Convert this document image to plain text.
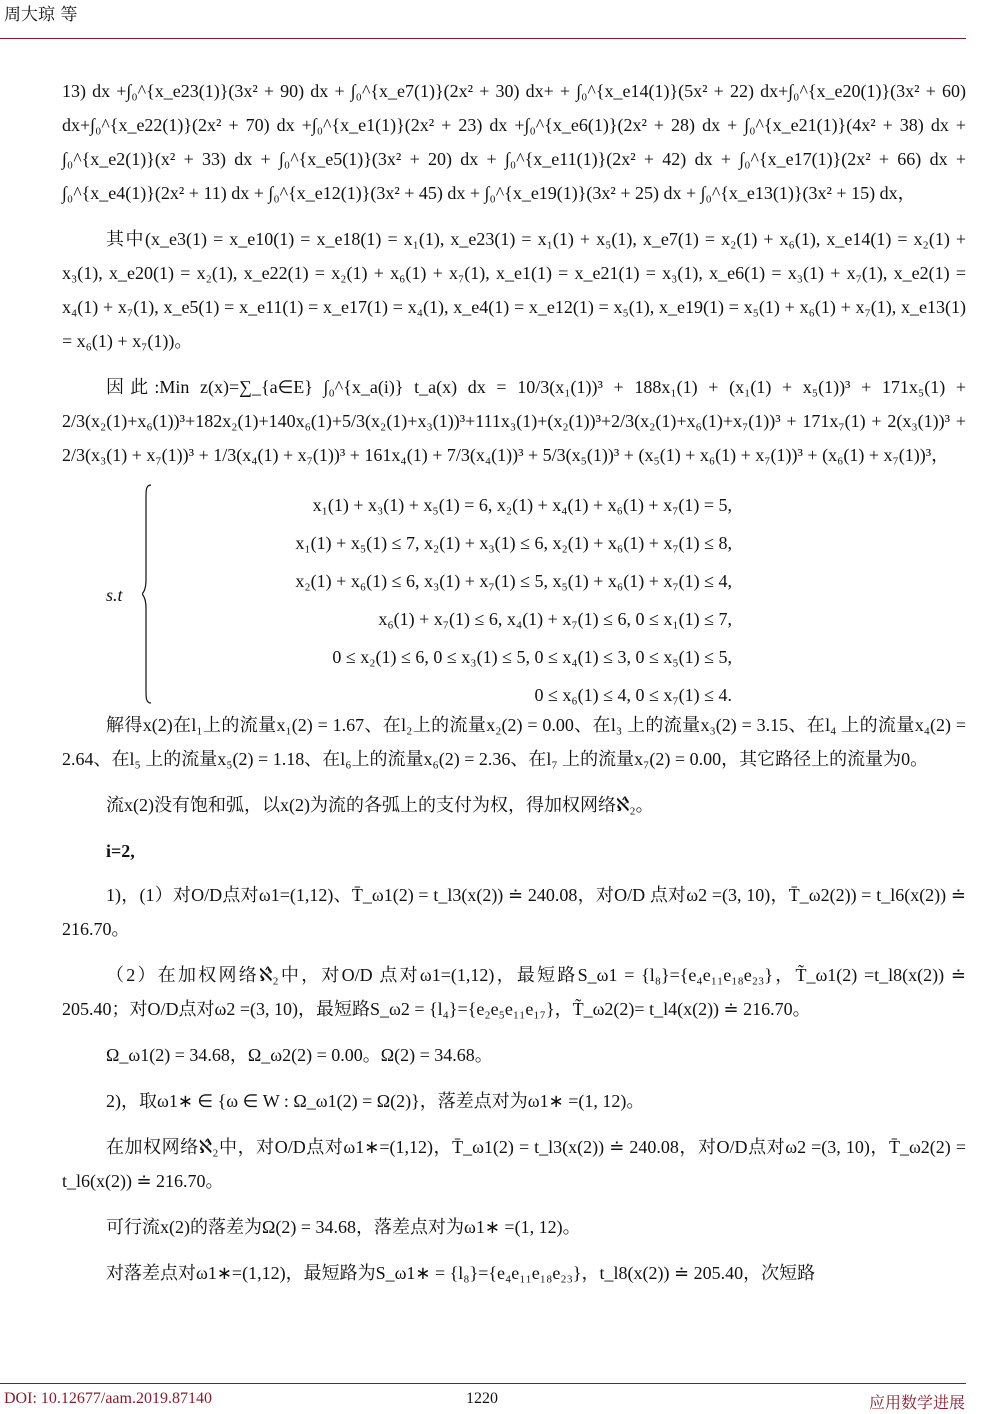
周大琼 等

13) dx +∫₀^{x_e23(1)}(3x² + 90) dx + ∫₀^{x_e7(1)}(2x² + 30) dx+ + ∫₀^{x_e14(1)}(5x² + 22) dx+∫₀^{x_e20(1)}(3x² + 60) dx+∫₀^{x_e22(1)}(2x² + 70) dx +∫₀^{x_e1(1)}(2x² + 23) dx +∫₀^{x_e6(1)}(2x² + 28) dx + ∫₀^{x_e21(1)}(4x² + 38) dx + ∫₀^{x_e2(1)}(x² + 33) dx + ∫₀^{x_e5(1)}(3x² + 20) dx + ∫₀^{x_e11(1)}(2x² + 42) dx + ∫₀^{x_e17(1)}(2x² + 66) dx + ∫₀^{x_e4(1)}(2x² + 11) dx + ∫₀^{x_e12(1)}(3x² + 45) dx + ∫₀^{x_e19(1)}(3x² + 25) dx + ∫₀^{x_e13(1)}(3x² + 15) dx，

其中(x_e3(1) = x_e10(1) = x_e18(1) = x₁(1), x_e23(1) = x₁(1) + x₅(1), x_e7(1) = x₂(1) + x₆(1), x_e14(1) = x₂(1) + x₃(1), x_e20(1) = x₂(1), x_e22(1) = x₂(1) + x₆(1) + x₇(1), x_e1(1) = x_e21(1) = x₃(1), x_e6(1) = x₃(1) + x₇(1), x_e2(1) = x₄(1) + x₇(1), x_e5(1) = x_e11(1) = x_e17(1) = x₄(1), x_e4(1) = x_e12(1) = x₅(1), x_e19(1) = x₅(1) + x₆(1) + x₇(1), x_e13(1) = x₆(1) + x₇(1))。

因此:Min z(x)=∑_{a∈E} ∫₀^{x_a(i)} t_a(x) dx = 10/3(x₁(1))³ + 188x₁(1) + (x₁(1) + x₅(1))³ + 171x₅(1) + 2/3(x₂(1)+x₆(1))³+182x₂(1)+140x₆(1)+5/3(x₂(1)+x₃(1))³+111x₃(1)+(x₂(1))³+2/3(x₂(1)+x₆(1)+x₇(1))³ + 171x₇(1) + 2(x₃(1))³ + 2/3(x₃(1) + x₇(1))³ + 1/3(x₄(1) + x₇(1))³ + 161x₄(1) + 7/3(x₄(1))³ + 5/3(x₅(1))³ + (x₅(1) + x₆(1) + x₇(1))³ + (x₆(1) + x₇(1))³，

s.t
x₁(1) + x₃(1) + x₅(1) = 6, x₂(1) + x₄(1) + x₆(1) + x₇(1) = 5,
x₁(1) + x₅(1) ≤ 7, x₂(1) + x₃(1) ≤ 6, x₂(1) + x₆(1) + x₇(1) ≤ 8,
x₂(1) + x₆(1) ≤ 6, x₃(1) + x₇(1) ≤ 5, x₅(1) + x₆(1) + x₇(1) ≤ 4,
x₆(1) + x₇(1) ≤ 6, x₄(1) + x₇(1) ≤ 6, 0 ≤ x₁(1) ≤ 7,
0 ≤ x₂(1) ≤ 6, 0 ≤ x₃(1) ≤ 5, 0 ≤ x₄(1) ≤ 3, 0 ≤ x₅(1) ≤ 5,
0 ≤ x₆(1) ≤ 4, 0 ≤ x₇(1) ≤ 4.

解得x(2)在l₁上的流量x₁(2) = 1.67、在l₂上的流量x₂(2) = 0.00、在l₃ 上的流量x₃(2) = 3.15、在l₄ 上的流量x₄(2) = 2.64、在l₅ 上的流量x₅(2) = 1.18、在l₆上的流量x₆(2) = 2.36、在l₇ 上的流量x₇(2) = 0.00，其它路径上的流量为0。

流x(2)没有饱和弧，以x(2)为流的各弧上的支付为权，得加权网络ℵ̂₂。

i=2,

1)，(1）对O/D点对ω1=(1,12)、T̄_ω1(2) = t_l3(x(2)) ≐ 240.08，对O/D 点对ω2 =(3, 10)，T̄_ω2(2)) = t_l6(x(2)) ≐ 216.70。

（2）在加权网络ℵ̂₂中，对O/D 点对ω1=(1,12)，最短路S_ω1 = {l₈}={e₄e₁₁e₁₈e₂₃}，T̃_ω1(2) =t_l8(x(2)) ≐ 205.40；对O/D点对ω2 =(3, 10)，最短路S_ω2 = {l₄}={e₂e₅e₁₁e₁₇}，T̃_ω2(2)= t_l4(x(2)) ≐ 216.70。

Ω_ω1(2) = 34.68，Ω_ω2(2) = 0.00。Ω(2) = 34.68。

2)，取ω1∗ ∈ {ω ∈ W : Ω_ω1(2) = Ω(2)}，落差点对为ω1∗ =(1, 12)。

在加权网络ℵ̂₂中，对O/D点对ω1∗=(1,12)，T̄_ω1(2) = t_l3(x(2)) ≐ 240.08，对O/D点对ω2 =(3, 10)，T̄_ω2(2) = t_l6(x(2)) ≐ 216.70。

可行流x(2)的落差为Ω(2) = 34.68，落差点对为ω1∗ =(1, 12)。

对落差点对ω1∗=(1,12)，最短路为S_ω1∗ = {l₈}={e₄e₁₁e₁₈e₂₃}，t_l8(x(2)) ≐ 205.40，次短路

DOI: 10.12677/aam.2019.87140	1220	应用数学进展
